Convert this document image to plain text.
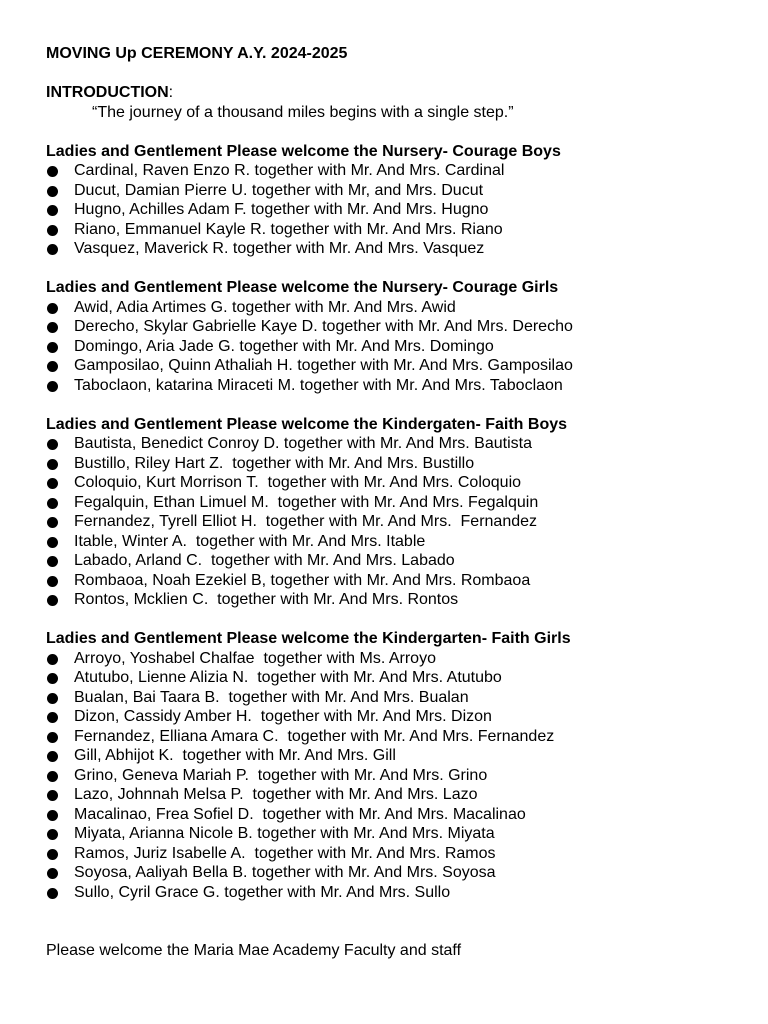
MOVING Up CEREMONY A.Y. 2024-2025
INTRODUCTION:
“The journey of a thousand miles begins with a single step.”
Ladies and Gentlement Please welcome the Nursery- Courage Boys
Cardinal, Raven Enzo R. together with Mr. And Mrs. Cardinal
Ducut, Damian Pierre U. together with Mr, and Mrs. Ducut
Hugno, Achilles Adam F. together with Mr. And Mrs. Hugno
Riano, Emmanuel Kayle R. together with Mr. And Mrs. Riano
Vasquez, Maverick R. together with Mr. And Mrs. Vasquez
Ladies and Gentlement Please welcome the Nursery- Courage Girls
Awid, Adia Artimes G. together with Mr. And Mrs. Awid
Derecho, Skylar Gabrielle Kaye D. together with Mr. And Mrs. Derecho
Domingo, Aria Jade G. together with Mr. And Mrs. Domingo
Gamposilao, Quinn Athaliah H. together with Mr. And Mrs. Gamposilao
Taboclaon, katarina Miraceti M. together with Mr. And Mrs. Taboclaon
Ladies and Gentlement Please welcome the Kindergaten- Faith Boys
Bautista, Benedict Conroy D. together with Mr. And Mrs. Bautista
Bustillo, Riley Hart Z.  together with Mr. And Mrs. Bustillo
Coloquio, Kurt Morrison T.  together with Mr. And Mrs. Coloquio
Fegalquin, Ethan Limuel M.  together with Mr. And Mrs. Fegalquin
Fernandez, Tyrell Elliot H.  together with Mr. And Mrs.  Fernandez
Itable, Winter A.  together with Mr. And Mrs. Itable
Labado, Arland C.  together with Mr. And Mrs. Labado
Rombaoa, Noah Ezekiel B, together with Mr. And Mrs. Rombaoa
Rontos, Mcklien C.  together with Mr. And Mrs. Rontos
Ladies and Gentlement Please welcome the Kindergarten- Faith Girls
Arroyo, Yoshabel Chalfae  together with Ms. Arroyo
Atutubo, Lienne Alizia N.  together with Mr. And Mrs. Atutubo
Bualan, Bai Taara B.  together with Mr. And Mrs. Bualan
Dizon, Cassidy Amber H.  together with Mr. And Mrs. Dizon
Fernandez, Elliana Amara C.  together with Mr. And Mrs. Fernandez
Gill, Abhijot K.  together with Mr. And Mrs. Gill
Grino, Geneva Mariah P.  together with Mr. And Mrs. Grino
Lazo, Johnnah Melsa P.  together with Mr. And Mrs. Lazo
Macalinao, Frea Sofiel D.  together with Mr. And Mrs. Macalinao
Miyata, Arianna Nicole B. together with Mr. And Mrs. Miyata
Ramos, Juriz Isabelle A.  together with Mr. And Mrs. Ramos
Soyosa, Aaliyah Bella B. together with Mr. And Mrs. Soyosa
Sullo, Cyril Grace G. together with Mr. And Mrs. Sullo
Please welcome the Maria Mae Academy Faculty and staff
